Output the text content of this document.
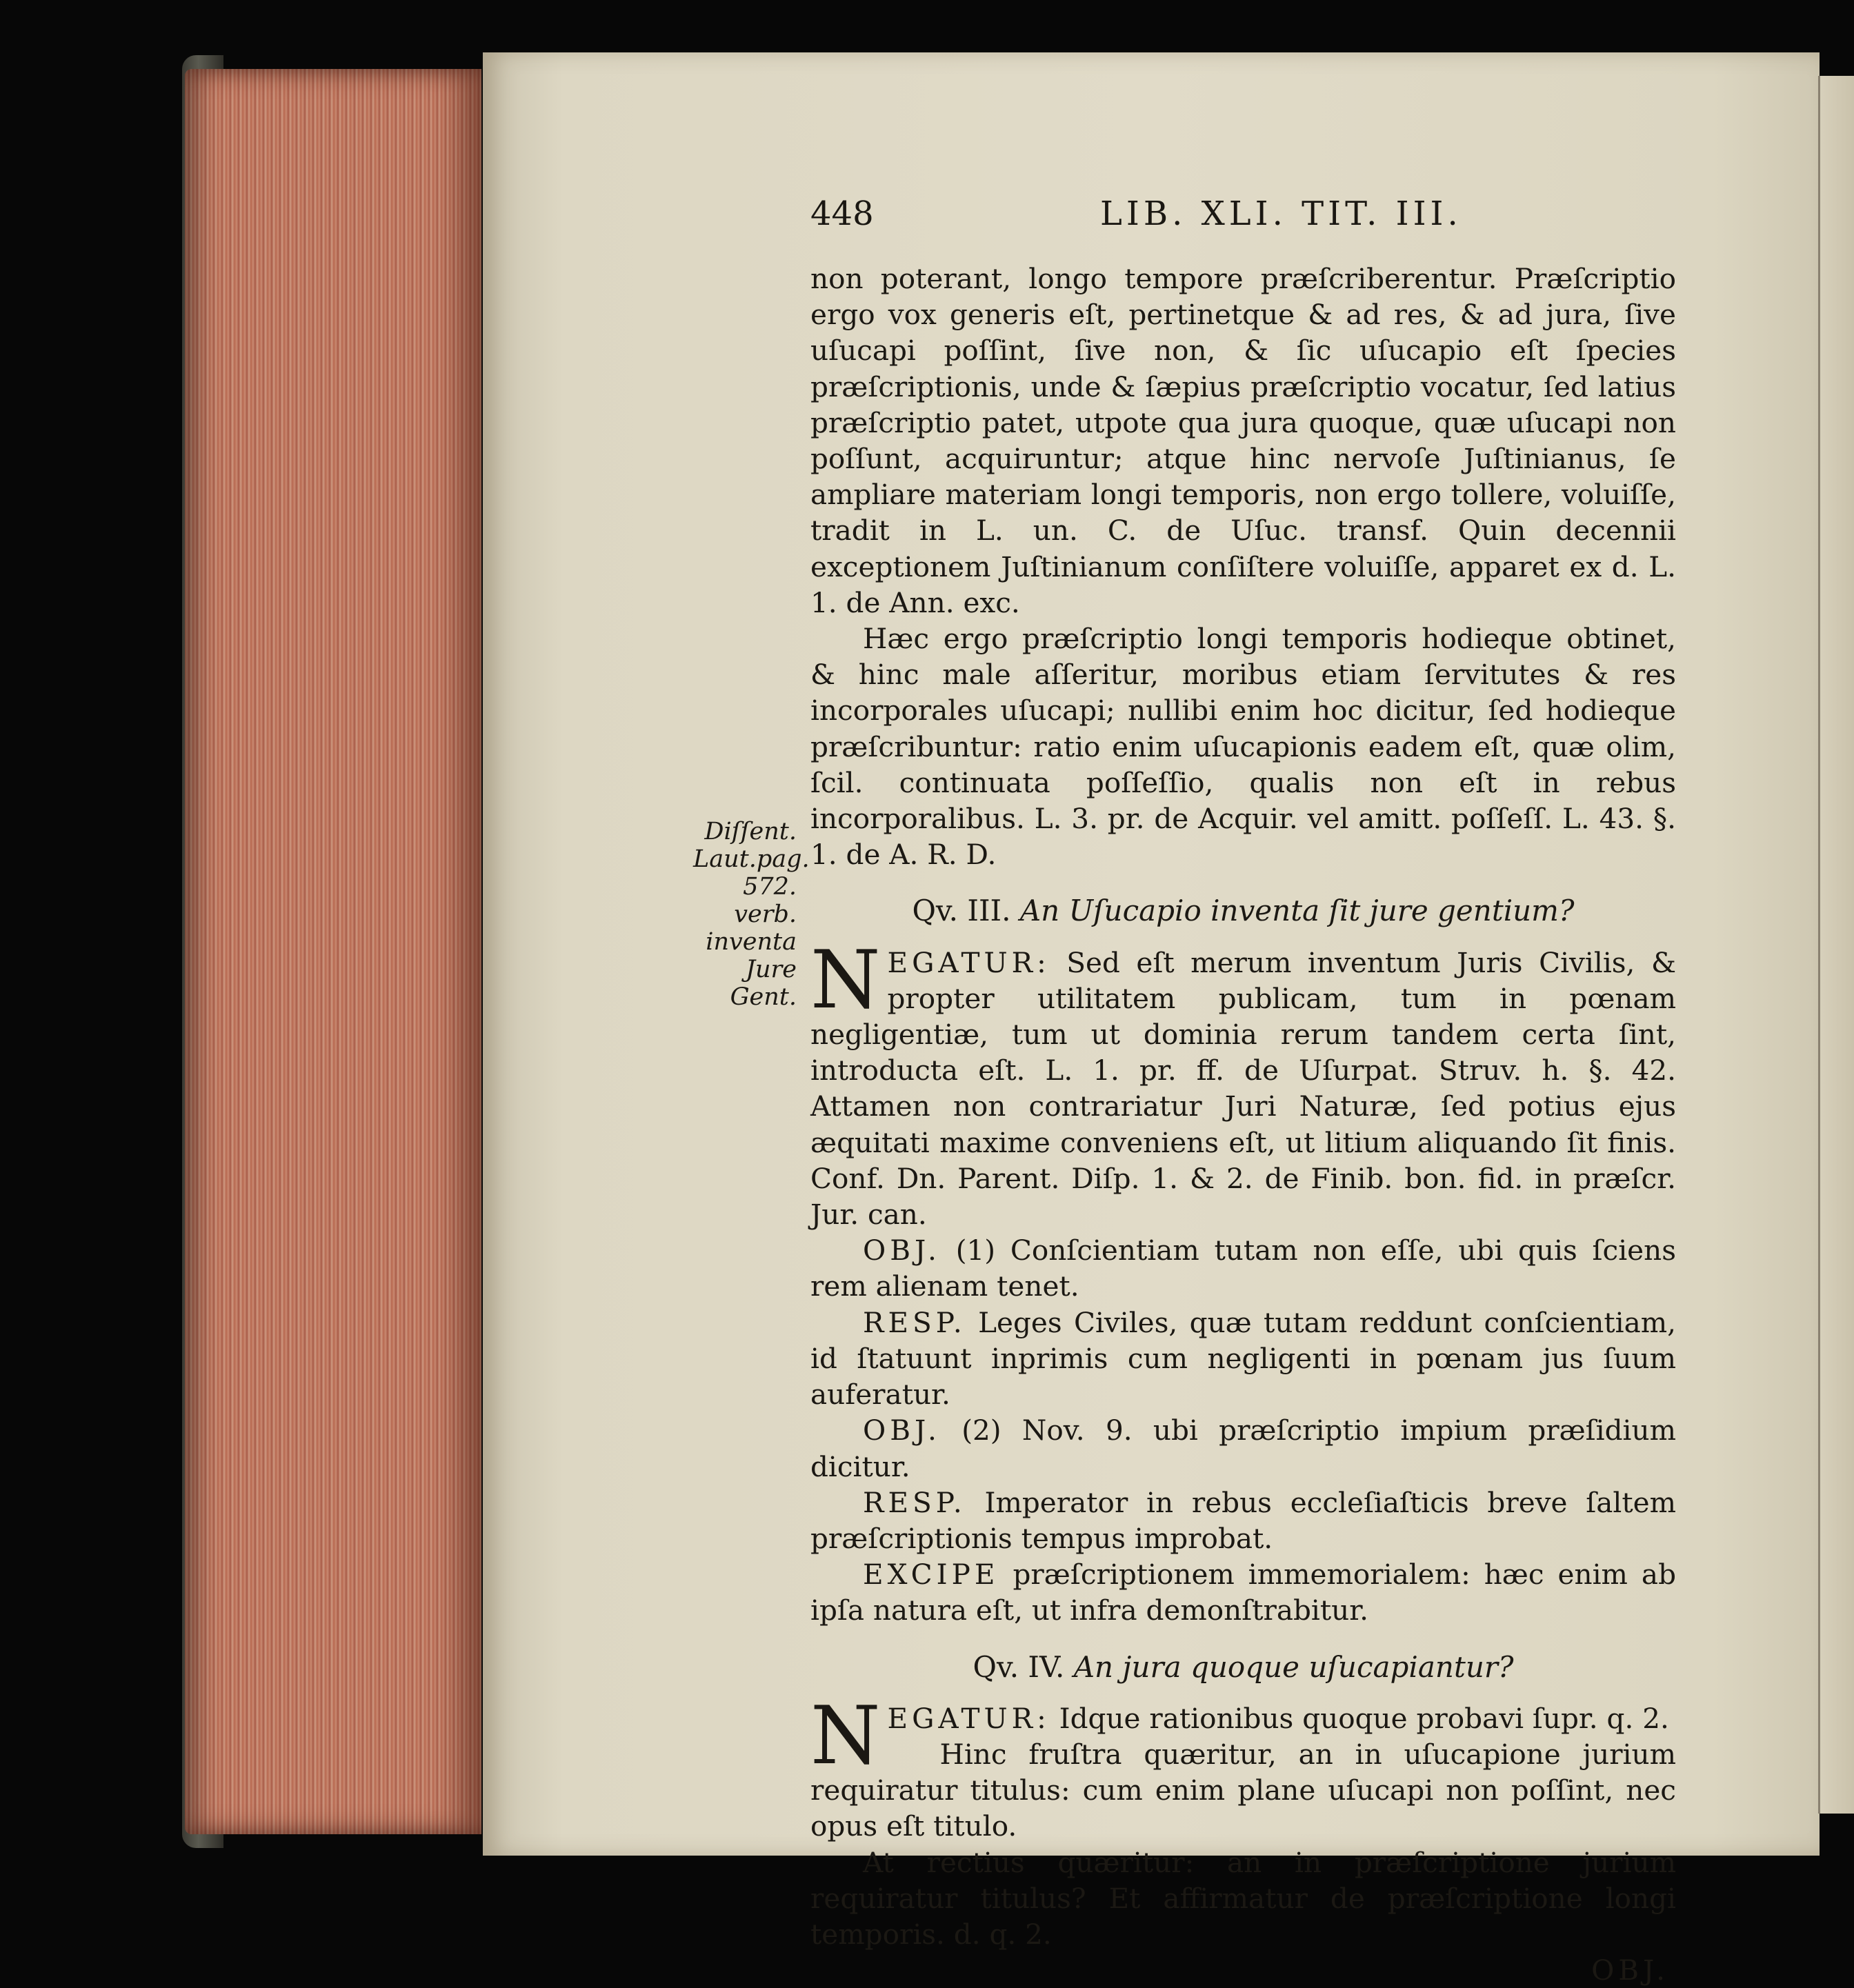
448	LIB. XLI. TIT. III.
Diſſent.
Laut.pag.
572. verb.
inventa
Jure
Gent.

non poterant, longo tempore præſcriberentur. Præſcriptio ergo vox generis eſt, pertinetque & ad res, & ad jura, ſive uſucapi poſſint, ſive non, & ſic uſucapio eſt ſpecies præſcriptionis, unde & ſæpius præſcriptio vocatur, ſed latius præſcriptio patet, utpote qua jura quoque, quæ uſucapi non poſſunt, acquiruntur; atque hinc nervoſe Juſtinianus, ſe ampliare materiam longi temporis, non ergo tollere, voluiſſe, tradit in L. un. C. de Uſuc. transf. Quin decennii exceptionem Juſtinianum conſiſtere voluiſſe, apparet ex d. L. 1. de Ann. exc.

Hæc ergo præſcriptio longi temporis hodieque obtinet, & hinc male aſſeritur, moribus etiam ſervitutes & res incorporales uſucapi; nullibi enim hoc dicitur, ſed hodieque præſcribuntur: ratio enim uſucapionis eadem eſt, quæ olim, ſcil. continuata poſſeſſio, qualis non eſt in rebus incorporalibus. L. 3. pr. de Acquir. vel amitt. poſſeſſ. L. 43. §. 1. de A. R. D.

Qv. III. An Uſucapio inventa ſit jure gentium?

N EGATUR: Sed eſt merum inventum Juris Civilis, & propter utilitatem publicam, tum in pœnam negligentiæ, tum ut dominia rerum tandem certa ſint, introducta eſt. L. 1. pr. ff. de Uſurpat. Struv. h. §. 42. Attamen non contrariatur Juri Naturæ, ſed potius ejus æquitati maxime conveniens eſt, ut litium aliquando ſit finis. Conf. Dn. Parent. Diſp. 1. & 2. de Finib. bon. fid. in præſcr. Jur. can.

OBJ. (1) Conſcientiam tutam non eſſe, ubi quis ſciens rem alienam tenet.

RESP. Leges Civiles, quæ tutam reddunt conſcientiam, id ſtatuunt inprimis cum negligenti in pœnam jus ſuum auferatur.

OBJ. (2) Nov. 9. ubi præſcriptio impium præſidium dicitur.

RESP. Imperator in rebus eccleſiaſticis breve ſaltem præſcriptionis tempus improbat.

EXCIPE præſcriptionem immemorialem: hæc enim ab ipſa natura eſt, ut infra demonſtrabitur.

Qv. IV. An jura quoque uſucapiantur?

N EGATUR: Idque rationibus quoque probavi ſupr. q. 2.

Hinc fruſtra quæritur, an in uſucapione jurium requiratur titulus: cum enim plane uſucapi non poſſint, nec opus eſt titulo.

At rectius quæritur: an in præſcriptione jurium requiratur titulus? Et affirmatur de præſcriptione longi temporis. d. q. 2.

OBJ.
